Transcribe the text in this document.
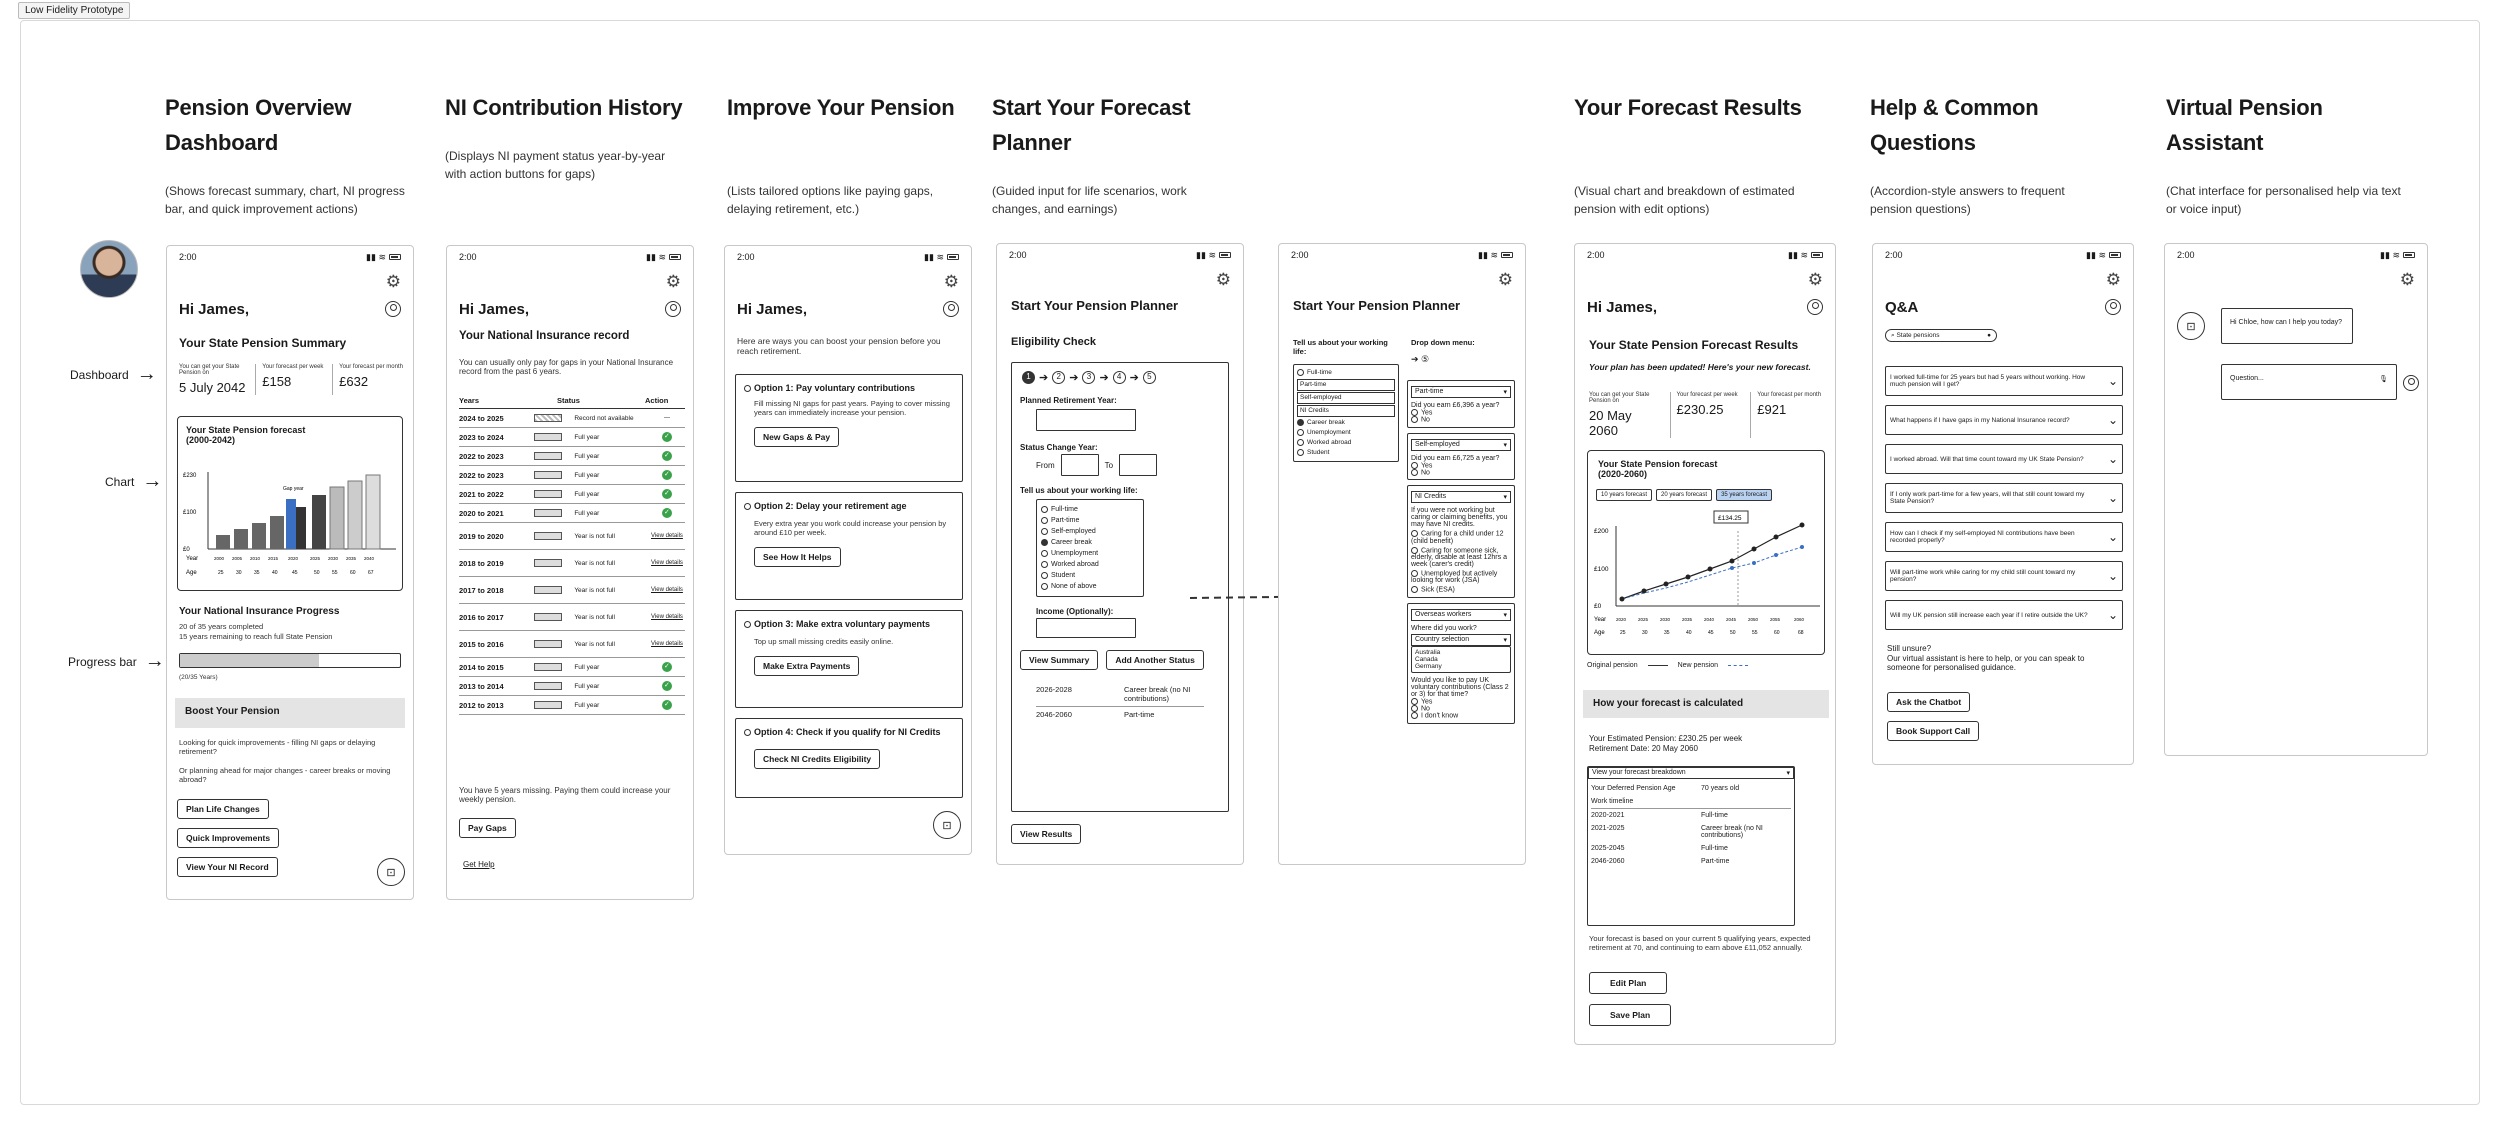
Low Fidelity Prototype
Pension Overview Dashboard

(Shows forecast summary, chart, NI progress bar, and quick improvement actions)

NI Contribution History

(Displays NI payment status year-by-year with action buttons for gaps)

Improve Your Pension

(Lists tailored options like paying gaps, delaying retirement, etc.)

Start Your Forecast Planner

(Guided input for life scenarios, work changes, and earnings)

Your Forecast Results

(Visual chart and breakdown of estimated pension with edit options)

Help & Common Questions

(Accordion-style answers to frequent pension questions)

Virtual Pension Assistant

(Chat interface for personalised help via text or voice input)

Dashboard →
Chart →
Progress bar →
2:00	▮▮ ≋
⚙
Hi James,
Your State Pension Summary
You can get your State Pension on
5 July 2042
Your forecast per week
£158
Your forecast per month
£632
Your State Pension forecast (2000-2042)
£230
£100
£0
Gap year
Year
Age
2000 2005 2010 2015 2020	2025 2030 2035 2040
25 30 35 40	45	50 55 60 67
Your National Insurance Progress
20 of 35 years completed
15 years remaining to reach full State Pension
(20/35 Years)
Boost Your Pension
Looking for quick improvements - filling NI gaps or delaying retirement?
Or planning ahead for major changes - career breaks or moving abroad?
Plan Life Changes
Quick Improvements
View Your NI Record	⊡
2:00	▮▮ ≋
⚙
Hi James,
Your National Insurance record
You can usually only pay for gaps in your National Insurance record from the past 6 years.
Years	Status	Action
2024 to 2025	Record not available	—
2023 to 2024	Full year	✓
2022 to 2023	Full year	✓
2022 to 2023	Full year	✓
2021 to 2022	Full year	✓
2020 to 2021	Full year	✓
2019 to 2020	Year is not full	View details
2018 to 2019	Year is not full	View details
2017 to 2018	Year is not full	View details
2016 to 2017	Year is not full	View details
2015 to 2016	Year is not full	View details
2014 to 2015	Full year	✓
2013 to 2014	Full year	✓
2012 to 2013	Full year	✓
You have 5 years missing. Paying them could increase your weekly pension.
Pay Gaps
Get Help
2:00	▮▮ ≋
⚙
Hi James,
Here are ways you can boost your pension before you reach retirement.
Option 1: Pay voluntary contributions
Fill missing NI gaps for past years. Paying to cover missing years can immediately increase your pension.
New Gaps & Pay
Option 2: Delay your retirement age
Every extra year you work could increase your pension by around £10 per week.
See How It Helps
Option 3: Make extra voluntary payments
Top up small missing credits easily online.
Make Extra Payments
Option 4: Check if you qualify for NI Credits
Check NI Credits Eligibility
⊡
2:00	▮▮ ≋
⚙
Start Your Pension Planner
Eligibility Check
1 ➔	2 ➔	3 ➔	4 ➔	5
Planned Retirement Year:
Status Change Year:
From	To
Tell us about your working life:
Full-time
Part-time
Self-employed
Career break
Unemployment
Worked abroad
Student
None of above
Income (Optionally):
View Summary	Add Another Status
2026-2028	Career break (no NI contributions)
2046-2060	Part-time
View Results
2:00	▮▮ ≋
⚙
Start Your Pension Planner
Tell us about your working life:
Drop down menu:
Full-time
Part-time
Self-employed
NI Credits
Career break
Unemployment
Worked abroad
Student
➔ ⑤
Part-time	▾
Did you earn £6,396 a year?
Yes
No
Self-employed	▾
Did you earn £6,725 a year?
Yes
No
NI Credits	▾
If you were not working but caring or claiming benefits, you may have NI credits.
Caring for a child under 12 (child benefit)
Caring for someone sick, elderly, disable at least 12hrs a week (carer's credit)
Unemployed but actively looking for work (JSA)
Sick (ESA)
Overseas workers	▾
Where did you work?
Country selection	▾
Australia
Canada
Germany
Would you like to pay UK voluntary contributions (Class 2 or 3) for that time?
Yes
No
I don't know
2:00	▮▮ ≋
⚙
Hi James,
Your State Pension Forecast Results
Your plan has been updated! Here's your new forecast.
You can get your State Pension on
20 May 2060
Your forecast per week
£230.25
Your forecast per month
£921
Your State Pension forecast (2020-2060)
10 years forecast	20 years forecast	35 years forecast
£134.25
£200
£100
£0
Year
Age
2020	2025	2030	2035	2040	2045	2050	2055	2060
25	30	35	40	45	50	55	60	68
Original pension	New pension
How your forecast is calculated
Your Estimated Pension: £230.25 per week
Retirement Date: 20 May 2060
View your forecast breakdown	▾
Your Deferred Pension Age	70 years old
Work timeline
2020-2021	Full-time
2021-2025	Career break (no NI contributions)
2025-2045	Full-time
2046-2060	Part-time
Your forecast is based on your current 5 qualifying years, expected retirement at 70, and continuing to earn above £11,052 annually.
Edit Plan
Save Plan
2:00	▮▮ ≋
⚙
Q&A
⌕ State pensions	●
I worked full-time for 25 years but had 5 years without working. How much pension will I get?	⌄
What happens if I have gaps in my National Insurance record?	⌄
I worked abroad. Will that time count toward my UK State Pension?	⌄
If I only work part-time for a few years, will that still count toward my State Pension?	⌄
How can I check if my self-employed NI contributions have been recorded properly?	⌄
Will part-time work while caring for my child still count toward my pension?	⌄
Will my UK pension still increase each year if I retire outside the UK? ⌄
Still unsure?
Our virtual assistant is here to help, or you can speak to someone for personalised guidance.
Ask the Chatbot
Book Support Call
2:00	▮▮ ≋
⚙
⊡	Hi Chloe, how can I help you today?
Question...	🎙
